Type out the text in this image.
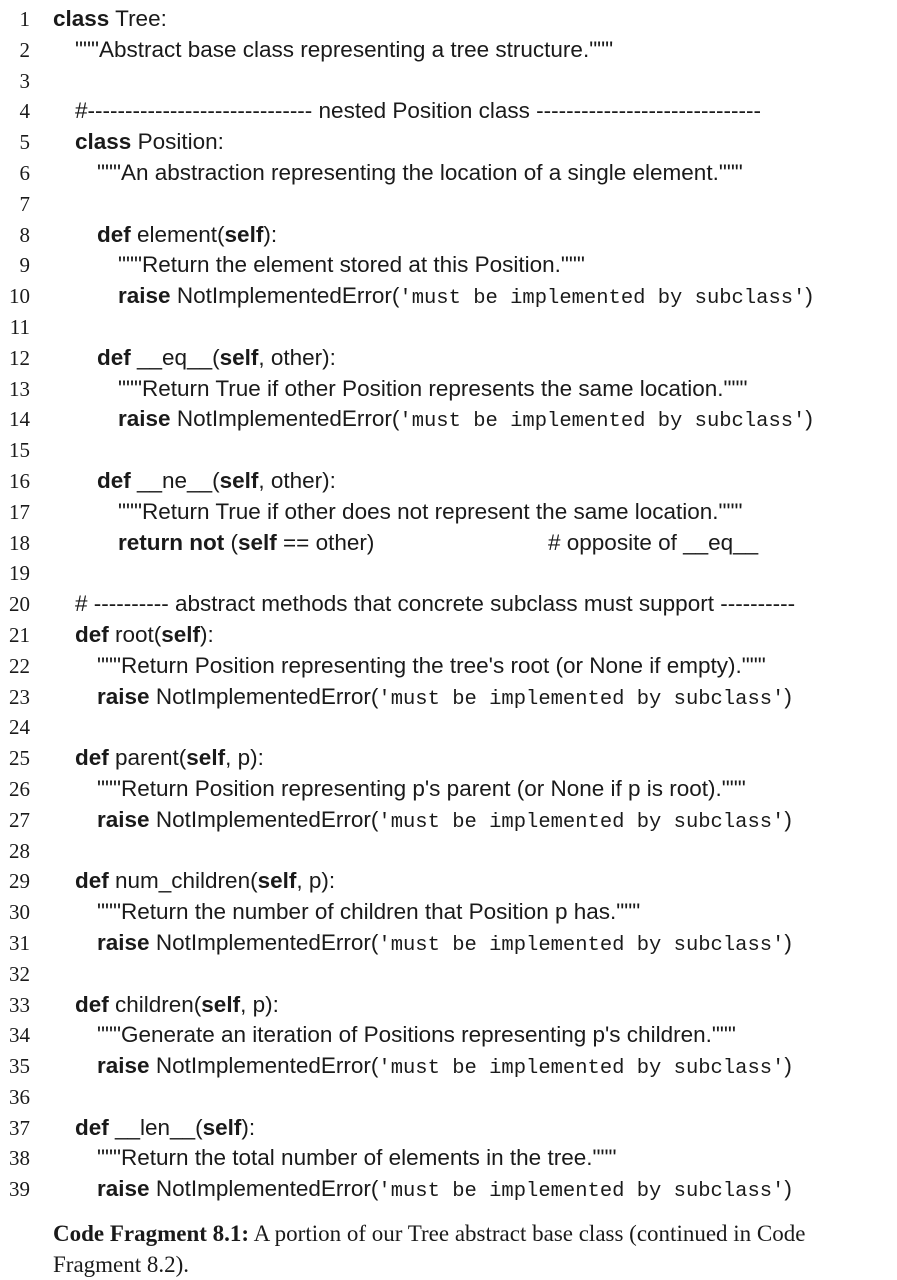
1 class Tree:
2 """Abstract base class representing a tree structure."""
3
4 #------------------------------ nested Position class ------------------------------
5 class Position:
6	"""An abstraction representing the location of a single element."""
7
8	def element(self):
9	"""Return the element stored at this Position."""
10	raise NotImplementedError('must be implemented by subclass')
11
12	def __eq__(self, other):
13	"""Return True if other Position represents the same location."""
14	raise NotImplementedError('must be implemented by subclass')
15
16	def __ne__(self, other):
17	"""Return True if other does not represent the same location."""
18	return not (self == other)	# opposite of __eq__
19
20 # ---------- abstract methods that concrete subclass must support ----------
21 def root(self):
22	"""Return Position representing the tree's root (or None if empty)."""
23	raise NotImplementedError('must be implemented by subclass')
24
25 def parent(self, p):
26	"""Return Position representing p's parent (or None if p is root)."""
27	raise NotImplementedError('must be implemented by subclass')
28
29 def num_children(self, p):
30	"""Return the number of children that Position p has."""
31	raise NotImplementedError('must be implemented by subclass')
32
33 def children(self, p):
34	"""Generate an iteration of Positions representing p's children."""
35	raise NotImplementedError('must be implemented by subclass')
36
37 def __len__(self):
38	"""Return the total number of elements in the tree."""
39	raise NotImplementedError('must be implemented by subclass')
Code Fragment 8.1: A portion of our Tree abstract base class (continued in Code Fragment 8.2).
